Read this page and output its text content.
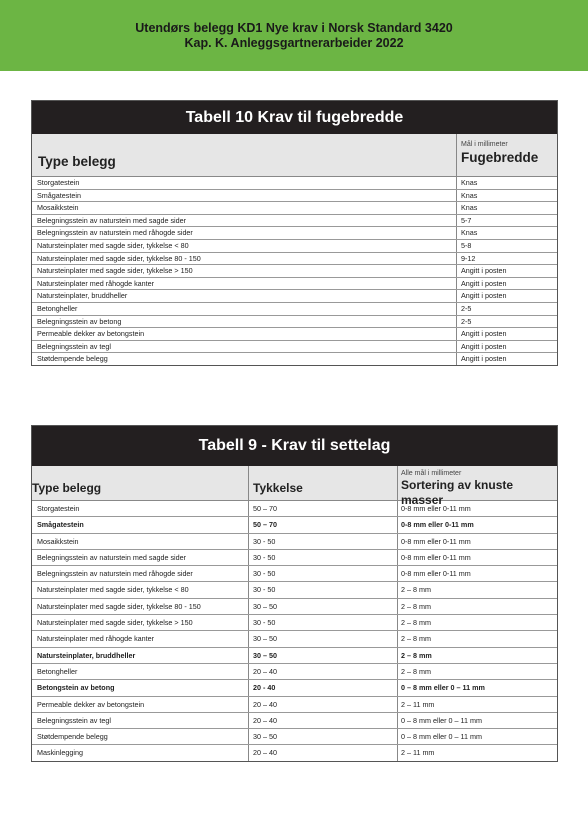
Utendørs belegg KD1 Nye krav i Norsk Standard 3420
Kap. K. Anleggsgartnerarbeider 2022
Tabell 10 Krav til fugebredde
Type belegg
Mål i millimeter
Fugebredde
Storgatestein	Knas
Smågatestein	Knas
Mosaikkstein	Knas
Belegningsstein av naturstein med sagde sider	5-7
Belegningsstein av naturstein med råhogde sider	Knas
Natursteinplater med sagde sider, tykkelse < 80	5-8
Natursteinplater med sagde sider, tykkelse 80 - 150	9-12
Natursteinplater med sagde sider, tykkelse > 150	Angitt i posten
Natursteinplater med råhogde kanter	Angitt i posten
Natursteinplater, bruddheller	Angitt i posten
Betongheller	2-5
Belegningsstein av betong	2-5
Permeable dekker av betongstein	Angitt i posten
Belegningsstein av tegl	Angitt i posten
Støtdempende belegg	Angitt i posten
Tabell 9 - Krav til settelag
Type belegg	Tykkelse
Alle mål i millimeter
Sortering av knuste masser
Storgatestein	50 – 70	0-8 mm eller 0-11 mm
Smågatestein	50 – 70	0-8 mm eller 0-11 mm
Mosaikkstein	30 - 50	0-8 mm eller 0-11 mm
Belegningsstein av naturstein med sagde sider	30 - 50	0-8 mm eller 0-11 mm
Belegningsstein av naturstein med råhogde sider	30 - 50	0-8 mm eller 0-11 mm
Natursteinplater med sagde sider, tykkelse < 80	30 - 50	2 – 8 mm
Natursteinplater med sagde sider, tykkelse 80 - 150	30 – 50	2 – 8 mm
Natursteinplater med sagde sider, tykkelse > 150	30 - 50	2 – 8 mm
Natursteinplater med råhogde kanter	30 – 50	2 – 8 mm
Natursteinplater, bruddheller	30 – 50	2 – 8 mm
Betongheller	20 – 40	2 – 8 mm
Betongstein av betong	20 - 40	0 – 8 mm eller 0 – 11 mm
Permeable dekker av betongstein	20 – 40	2 – 11 mm
Belegningsstein av tegl	20 – 40	0 – 8 mm eller 0 – 11 mm
Støtdempende belegg	30 – 50	0 – 8 mm eller 0 – 11 mm
Maskinlegging	20 – 40	2 – 11 mm
